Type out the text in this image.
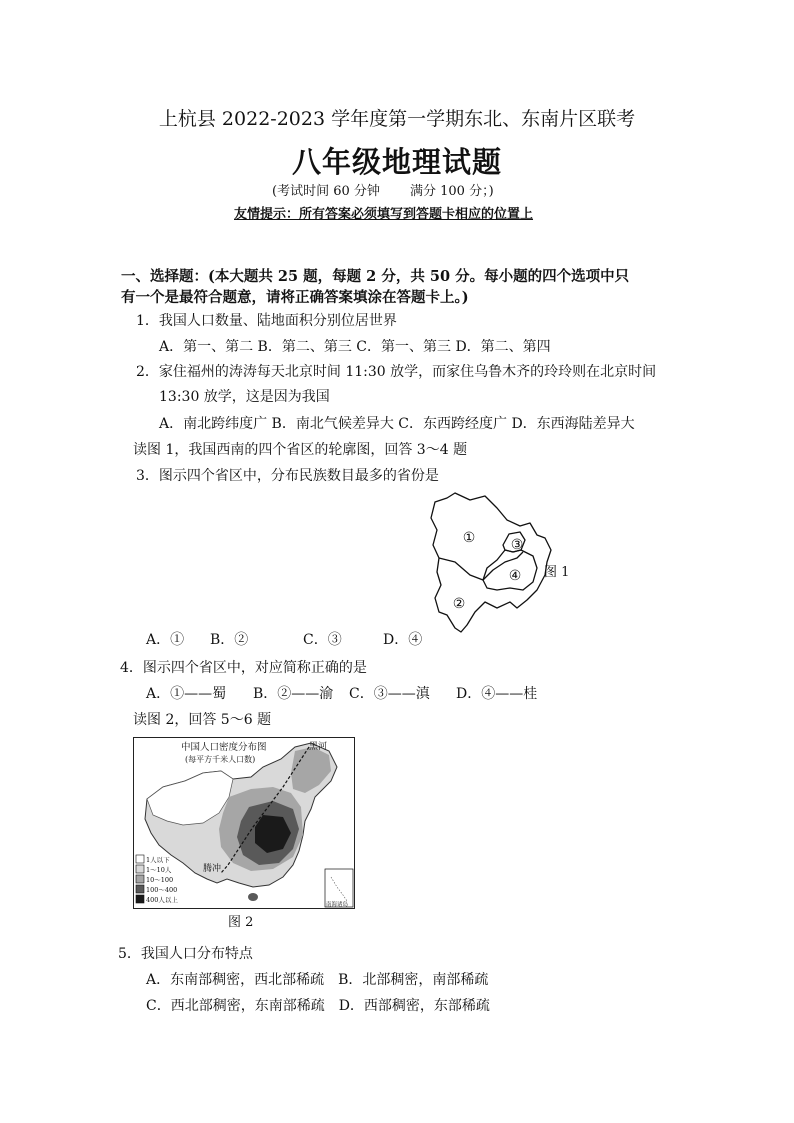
上杭县 2022-2023 学年度第一学期东北、东南片区联考
八年级地理试题
(考试时间 60 分钟　　 满分 100 分；)
友情提示：所有答案必须填写到答题卡相应的位置上
一、选择题：(本大题共 25 题，每题 2 分，共 50 分。每小题的四个选项中只
有一个是最符合题意，请将正确答案填涂在答题卡上。)
1．我国人口数量、陆地面积分别位居世界
A．第一、第二 B．第二、第三 C．第一、第三 D．第二、第四
2．家住福州的涛涛每天北京时间 11:30 放学，而家住乌鲁木齐的玲玲则在北京时间
13:30 放学，这是因为我国
A．南北跨纬度广 B．南北气候差异大 C．东西跨经度广 D．东西海陆差异大
读图 1，我国西南的四个省区的轮廓图，回答 3～4 题
3．图示四个省区中，分布民族数目最多的省份是
①
②
③
④ 图 1
A．① B．②	C．③	D．④
4．图示四个省区中，对应简称正确的是
A．①——蜀 B．②——渝 C．③——滇 D．④——桂
读图 2，回答 5～6 题
中国人口密度分布图
(每平方千米人口数)
黑河
腾冲
1人以下
1～10人
10～100
100～400
400人以上
南海诸岛
图 2
5．我国人口分布特点
A．东南部稠密，西北部稀疏　B．北部稠密，南部稀疏
C．西北部稠密，东南部稀疏　D．西部稠密，东部稀疏
